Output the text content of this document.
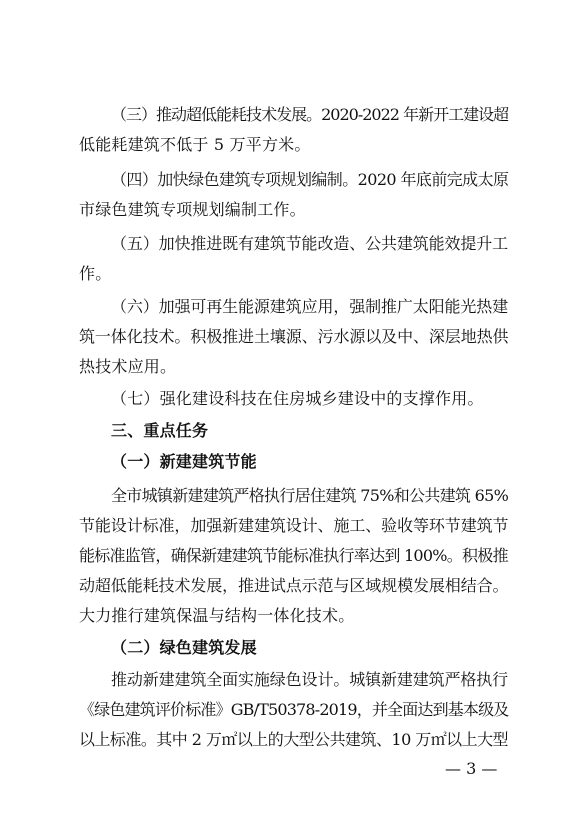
（三）推动超低能耗技术发展。2020-2022 年新开工建设超
低能耗建筑不低于 5 万平方米。
（四）加快绿色建筑专项规划编制。2020 年底前完成太原
市绿色建筑专项规划编制工作。
（五）加快推进既有建筑节能改造、公共建筑能效提升工
作。
（六）加强可再生能源建筑应用，强制推广太阳能光热建
筑一体化技术。积极推进土壤源、污水源以及中、深层地热供
热技术应用。
（七）强化建设科技在住房城乡建设中的支撑作用。
三、重点任务
（一）新建建筑节能
全市城镇新建建筑严格执行居住建筑 75%和公共建筑 65%
节能设计标准，加强新建建筑设计、施工、验收等环节建筑节
能标准监管，确保新建建筑节能标准执行率达到 100%。积极推
动超低能耗技术发展，推进试点示范与区域规模发展相结合。
大力推行建筑保温与结构一体化技术。
（二）绿色建筑发展
推动新建建筑全面实施绿色设计。城镇新建建筑严格执行
《绿色建筑评价标准》GB/T50378-2019，并全面达到基本级及
以上标准。其中 2 万㎡以上的大型公共建筑、10 万㎡以上大型
— 3 —
